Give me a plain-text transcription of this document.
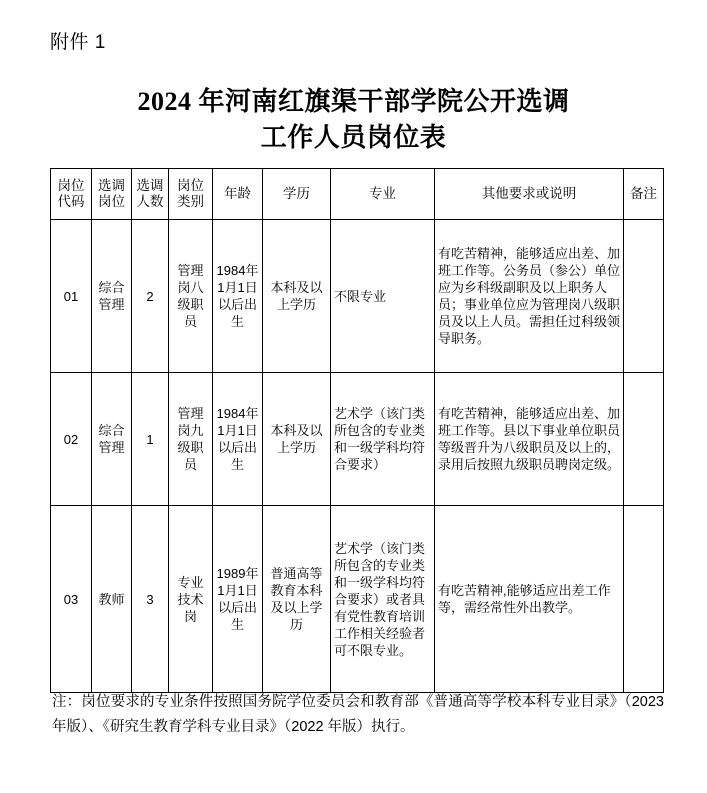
附件 1
2024 年河南红旗渠干部学院公开选调
工作人员岗位表
岗位代码	选调岗位	选调人数	岗位类别	年龄	学历	专业	其他要求或说明	备注
01	综合管理	2	管理岗八级职员	1984年1月1日以后出生	本科及以上学历	不限专业	有吃苦精神，能够适应出差、加班工作等。公务员（参公）单位应为乡科级副职及以上职务人员；事业单位应为管理岗八级职员及以上人员。需担任过科级领导职务。	
02	综合管理	1	管理岗九级职员	1984年1月1日以后出生	本科及以上学历	艺术学（该门类所包含的专业类和一级学科均符合要求）	有吃苦精神，能够适应出差、加班工作等。县以下事业单位职员等级晋升为八级职员及以上的，录用后按照九级职员聘岗定级。	
03	教师	3	专业技术岗	1989年1月1日以后出生	普通高等教育本科及以上学历	艺术学（该门类所包含的专业类和一级学科均符合要求）或者具有党性教育培训工作相关经验者可不限专业。	有吃苦精神,能够适应出差工作等，需经常性外出教学。	
注：岗位要求的专业条件按照国务院学位委员会和教育部《普通高等学校本科专业目录》（2023 年版）、《研究生教育学科专业目录》（2022 年版）执行。
